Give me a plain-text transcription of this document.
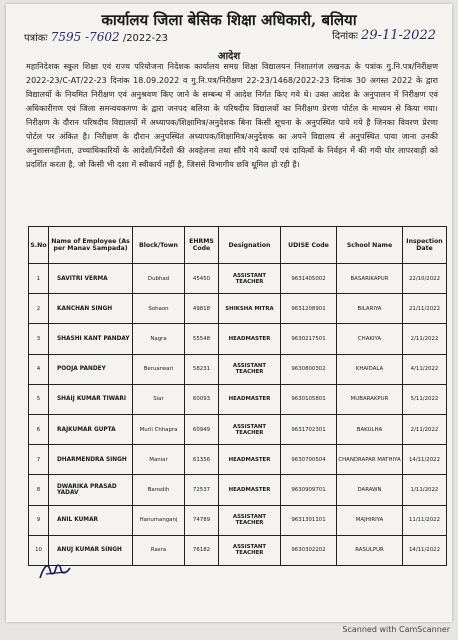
कार्यालय जिला बेसिक शिक्षा अधिकारी, बलिया
पत्रांकः 7595 -7602 /2022-23	दिनांकः 29-11-2022
आदेश
महानिदेशक स्कूल शिक्षा एवं राज्य परियोजना निदेशक कार्यालय समग्र शिक्षा विद्यालयन निशातगंज लखनऊ के पत्रांक गु.नि.पत्र/निरीक्षण 2022-23/C-AT/22-23 दिनांक 18.09.2022 व गु.नि.पत्र/निरीक्षण 22-23/1468/2022-23 दिनांक 30 अगस्त 2022 के द्वारा विद्यालयों के नियमित निरीक्षण एवं अनुश्रवण किए जाने के सम्बन्ध में आदेश निर्गत किए गये थे। उक्त आदेश के अनुपालन में निरीक्षण एवं अधिकारीगण एवं जिला समन्वयकगण के द्वारा जनपद बलिया के परिषदीय विद्यालयों का निरीक्षण प्रेरणा पोर्टल के माध्यम से किया गया। निरीक्षण के दौरान परिषदीय विद्यालयों में अध्यापक/शिक्षामित्र/अनुदेशक बिना किसी सूचना के अनुपस्थित पाये गये है जिनका विवरण प्रेरणा पोर्टल पर अंकित है। निरीक्षण के दौरान अनुपस्थित अध्यापक/शिक्षामित्र/अनुदेशक का अपने विद्यालय से अनुपस्थित पाया जाना उनकी अनुशासनहीनता, उच्चाधिकारियों के आदेशों/निर्देशों की अवहेलना तथा सौंपे गये कार्यों एवं दायित्वों के निर्वहन में की गयी घोर लापरवाही को प्रदर्शित करता है, जो किसी भी दशा में स्वीकार्य नहीं है, जिससे विभागीय छवि धूमिल हो रही है।
S.No	Name of Employee (As per Manav Sampada)	Block/Town	EHRMS Code	Designation	UDISE Code	School Name	Inspection Date
1	SAVITRI VERMA	Dubhad	45450	ASSISTANT TEACHER	9631405002	BASARIKAPUR	22/10/2022
2	KANCHAN SINGH	Sohaon	49818	SHIKSHA MITRA	9631208901	BILARIYA	21/11/2022
3	SHASHI KANT PANDAY	Nagra	55548	HEADMASTER	9630217501	CHAKIYA	2/11/2022
4	POOJA PANDEY	Beruarwari	58231	ASSISTANT TEACHER	9630800302	KHAIDALA	4/11/2022
5	SHAIJ KUMAR TIWARI	Siar	60093	HEADMASTER	9630105801	MUBARAKPUR	5/11/2022
6	RAJKUMAR GUPTA	Murli Chhapra	60949	ASSISTANT TEACHER	9631702301	BAKULHA	2/11/2022
7	DHARMENDRA SINGH	Maniar	61356	HEADMASTER	9630700504	CHANDRAPAR MATHIYA	14/11/2022
8	DWARIKA PRASAD YADAV	Bansdih	72537	HEADMASTER	9630909701	DARAWN	1/11/2022
9	ANIL KUMAR	Hanumanganj	74789	ASSISTANT TEACHER	9631301101	MAJHIRIYA	11/11/2022
10	ANUJ KUMAR SINGH	Rasra	76182	ASSISTANT TEACHER	9630302202	RASULPUR	14/11/2022
Scanned with CamScanner
